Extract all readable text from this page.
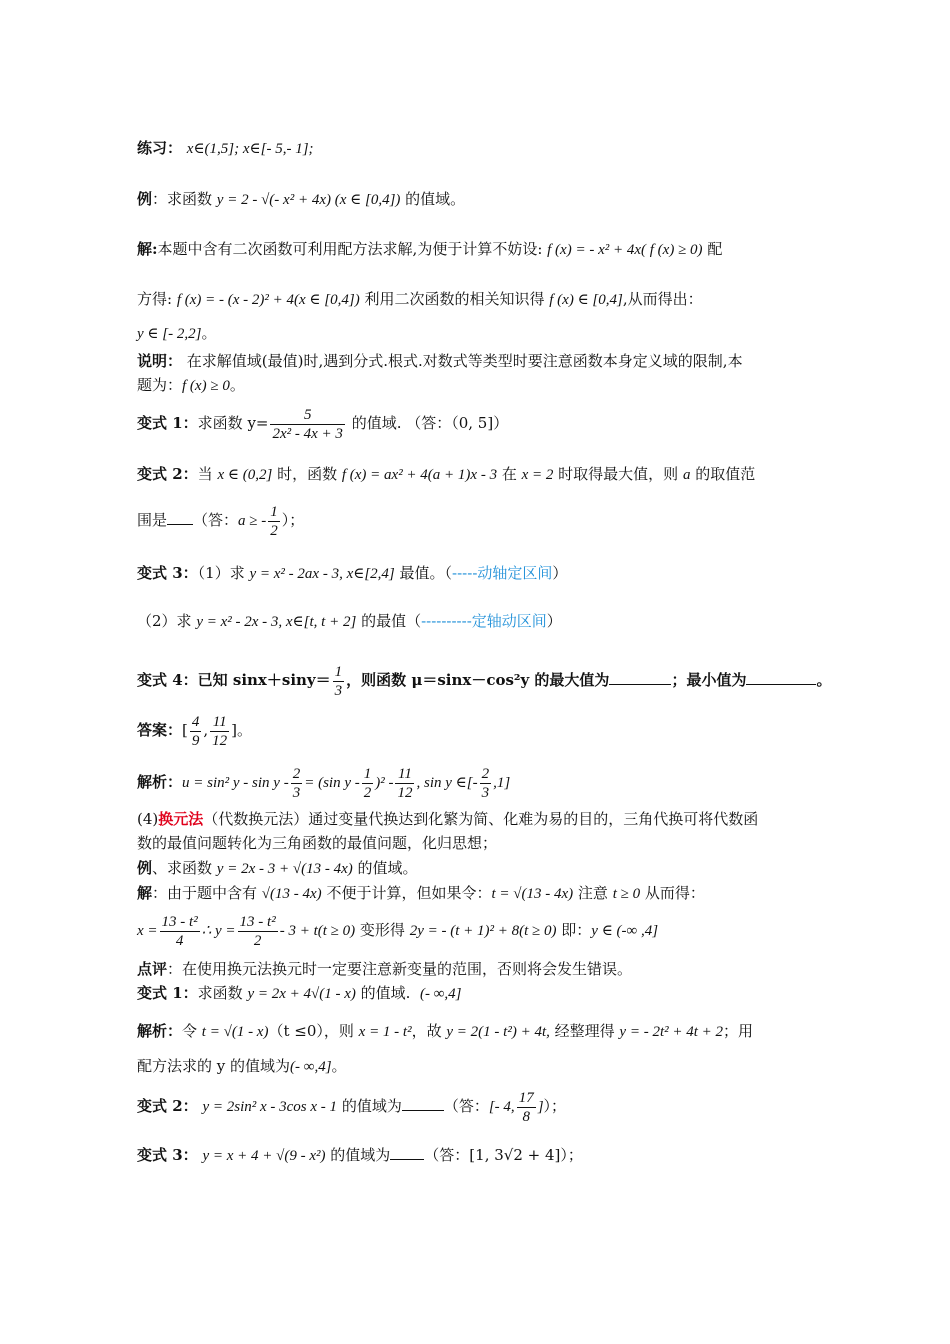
练习： x∈(1,5]; x∈[- 5,- 1];
例：求函数 y = 2 - √(- x² + 4x) (x ∈ [0,4]) 的值域。
解:本题中含有二次函数可利用配方法求解,为便于计算不妨设: f (x) = - x² + 4x( f (x) ≥ 0) 配
方得: f (x) = - (x - 2)² + 4(x ∈ [0,4]) 利用二次函数的相关知识得 f (x) ∈ [0,4],从而得出：
y ∈ [- 2,2]。
说明： 在求解值域(最值)时,遇到分式.根式.对数式等类型时要注意函数本身定义域的限制,本
题为：f (x) ≥ 0。
变式 1：求函数 $y= \frac{5}{\text{2x² - 4x + 3}}$ 的值域. （答：（0, 5]）
变式 2：当 x ∈ (0,2] 时，函数 f (x) = ax² + 4(a + 1)x - 3 在 x = 2 时取得最大值，则 a 的取值范
围是 （答：a ≥ - $\frac{1}{2}$ ）；
变式 3：（1）求 y = x² - 2ax - 3, x∈[2,4] 最值。（-----动轴定区间）
（2）求 y = x² - 2x - 3, x∈[t, t + 2] 的最值（----------定轴动区间）
变式 4：已知 $\sin x+\sin y= \frac{1}{3}$ ，则函数 μ＝sinx－cos²y 的最大值为	；最小值为	。
答案：[ $\frac{4}{9}$ , $\frac{11}{12}$ ]。
解析：u = sin² $y - \sin y - \frac{2}{3} = (\sin$ y - $\frac{1}{2} )^2 - \frac{11}{12}$ , sin y ∈[- $\frac{2}{3} ,1$]
(4)换元法（代数换元法）通过变量代换达到化繁为简、化难为易的目的，三角代换可将代数函
数的最值问题转化为三角函数的最值问题，化归思想；
例、求函数 y = 2x - 3 + √(13 - 4x) 的值域。
解：由于题中含有 √(13 - 4x) 不便于计算，但如果令：t = √(13 - 4x) 注意 t ≥ 0 从而得：
$x = \frac{\text{13 - t²}}{4}$ ∴ $y = \frac{\text{13 - t²}}{2} - 3 + t(t \ge 0)$ 变形得 2y = - (t + 1)² + 8(t ≥ 0) 即：y ∈ (-∞ ,4]
点评：在使用换元法换元时一定要注意新变量的范围，否则将会发生错误。
变式 1：求函数 y = 2x + 4√(1 - x) 的值域. (- ∞,4]
解析：令 t = √(1 - x)（t ≤0），则 x = 1 - t²，故 y = 2(1 - t²) + 4t, 经整理得 y = - 2t² + 4t + 2；用
配方法求的 y 的值域为(- ∞,4]。
变式 2： y = 2sin² x - 3cos x - 1 的值域为	（答：[- 4, $\frac{17}{8}$ ]）；
变式 3： y = x + 4 + √(9 - x²) 的值域为 （答：[1, 3√2 + 4]）；
